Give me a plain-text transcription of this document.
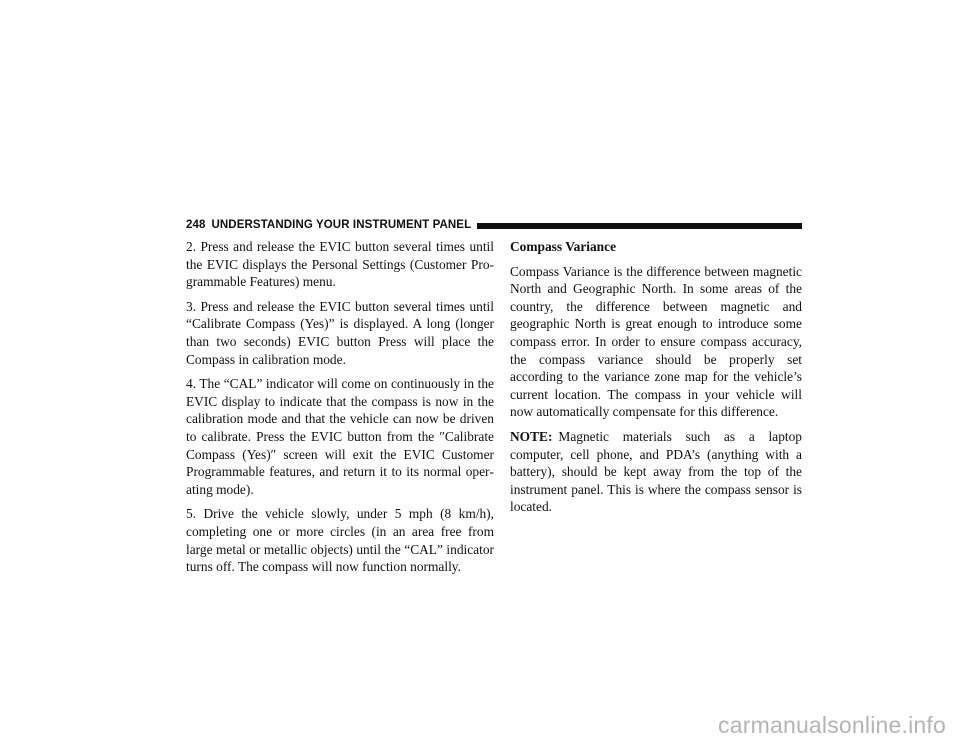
248 UNDERSTANDING YOUR INSTRUMENT PANEL

2. Press and release the EVIC button several times until the EVIC displays the Personal Settings (Customer Programmable Features) menu.

3. Press and release the EVIC button several times until “Calibrate Compass (Yes)” is displayed. A long (longer than two seconds) EVIC button Press will place the Compass in calibration mode.

4. The “CAL” indicator will come on continuously in the EVIC display to indicate that the compass is now in the calibration mode and that the vehicle can now be driven to calibrate. Press the EVIC button from the ″Calibrate Compass (Yes)″ screen will exit the EVIC Customer Programmable features, and return it to its normal operating mode).

5. Drive the vehicle slowly, under 5 mph (8 km/h), completing one or more circles (in an area free from large metal or metallic objects) until the “CAL” indicator turns off. The compass will now function normally.

Compass Variance

Compass Variance is the difference between magnetic North and Geographic North. In some areas of the country, the difference between magnetic and geographic North is great enough to introduce some compass error. In order to ensure compass accuracy, the compass variance should be properly set according to the variance zone map for the vehicle’s current location. The compass in your vehicle will now automatically compensate for this difference.

NOTE: Magnetic materials such as a laptop computer, cell phone, and PDA’s (anything with a battery), should be kept away from the top of the instrument panel. This is where the compass sensor is located.

carmanualsonline.info
